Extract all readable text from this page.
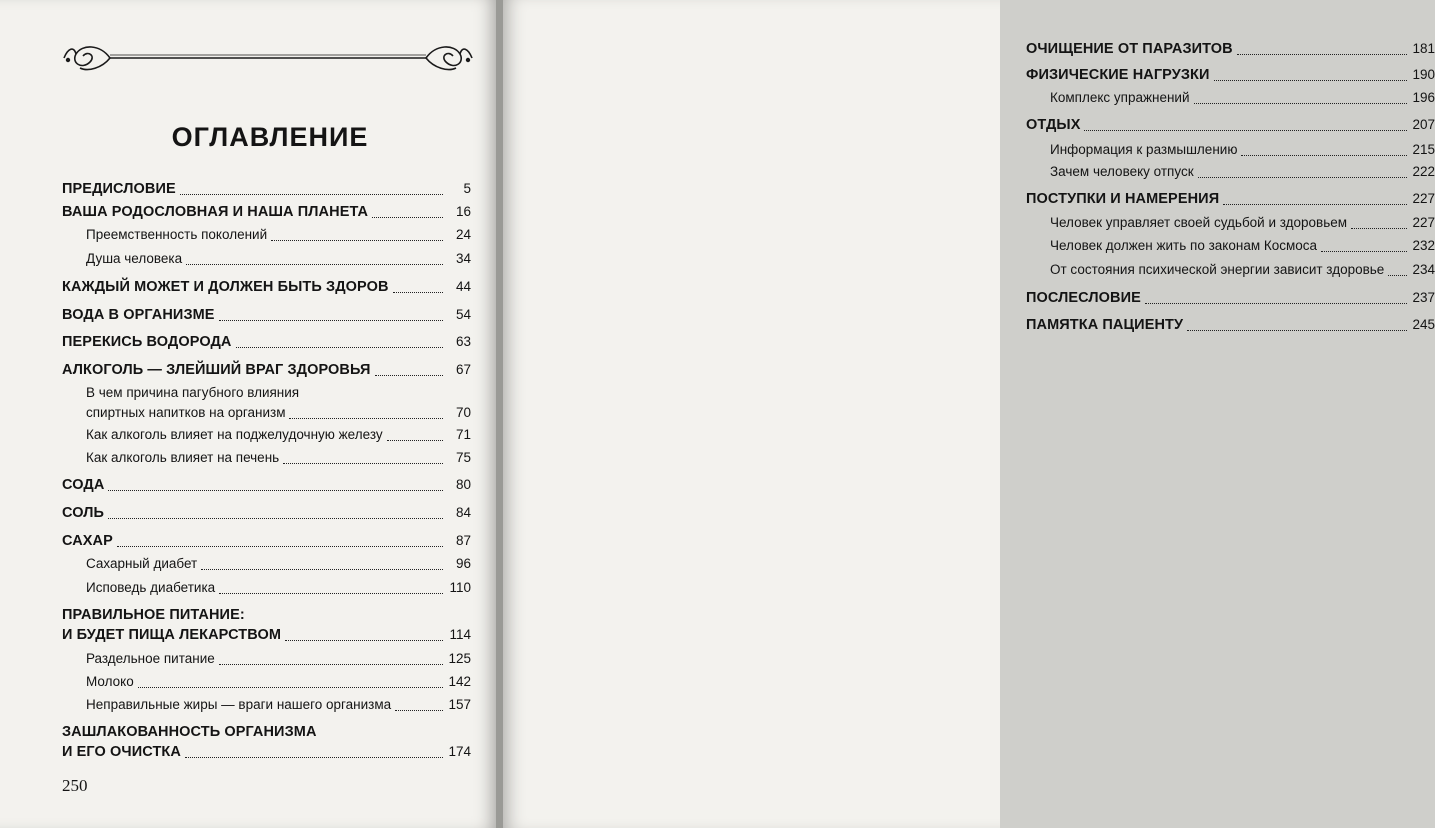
ОГЛАВЛЕНИЕ
ПРЕДИСЛОВИЕ	5
ВАША РОДОСЛОВНАЯ И НАША ПЛАНЕТА	16
Преемственность поколений	24
Душа человека	34
КАЖДЫЙ МОЖЕТ И ДОЛЖЕН БЫТЬ ЗДОРОВ	44
ВОДА В ОРГАНИЗМЕ	54
ПЕРЕКИСЬ ВОДОРОДА	63
АЛКОГОЛЬ — ЗЛЕЙШИЙ ВРАГ ЗДОРОВЬЯ	67
В чем причина пагубного влияния
спиртных напитков на организм	70
Как алкоголь влияет на поджелудочную железу	71
Как алкоголь влияет на печень	75
СОДА	80
СОЛЬ	84
САХАР	87
Сахарный диабет	96
Исповедь диабетика	110
ПРАВИЛЬНОЕ ПИТАНИЕ:
И БУДЕТ ПИЩА ЛЕКАРСТВОМ	114
Раздельное питание	125
Молоко	142
Неправильные жиры — враги нашего организма	157
ЗАШЛАКОВАННОСТЬ ОРГАНИЗМА
И ЕГО ОЧИСТКА	174
250
ОЧИЩЕНИЕ ОТ ПАРАЗИТОВ	181
ФИЗИЧЕСКИЕ НАГРУЗКИ	190
Комплекс упражнений	196
ОТДЫХ	207
Информация к размышлению	215
Зачем человеку отпуск	222
ПОСТУПКИ И НАМЕРЕНИЯ	227
Человек управляет своей судьбой и здоровьем	227
Человек должен жить по законам Космоса	232
От состояния психической энергии зависит здоровье 234
ПОСЛЕСЛОВИЕ	237
ПАМЯТКА ПАЦИЕНТУ	245
